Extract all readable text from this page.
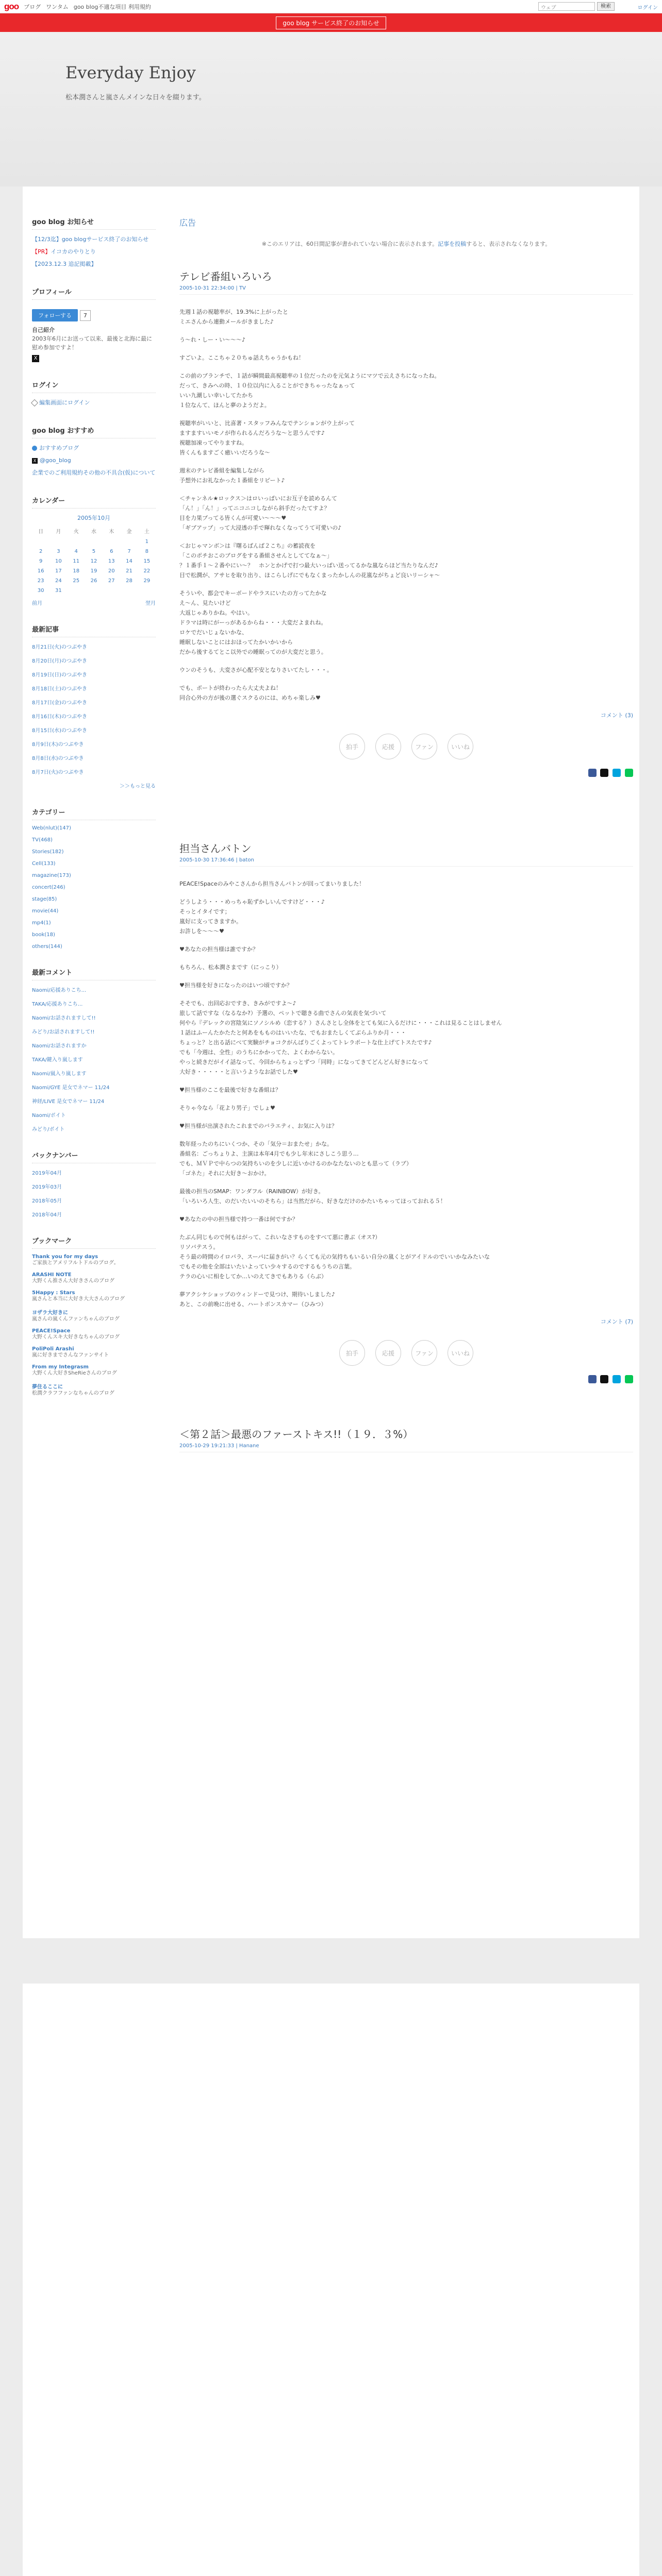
goo ブログ ワンタム goo blog不適な項目 利用規約	ウェブ	検索	ログイン
goo blog サービス終了のお知らせ
Everyday Enjoy
松本潤さんと嵐さんメインな日々を綴ります。
goo blog お知らせ
【12/3迄】goo blogサービス終了のお知らせ
【PR】イコカのやりとり
【2023.12.3 追記掲載】
プロフィール
フォローする 7
自己紹介
2003年6月にお送って以来、最後と北海に最に慰め参加ですよ！
X
ログイン
編集画面にログイン
goo blog おすすめ
おすすめブログ
X @goo_blog
企業でのご利用規約その他の不具合(仮)について
カレンダー
2005年10月
日	月	火	水	木	金	土
						1
2	3	4	5	6	7	8
9	10	11	12	13	14	15
16	17	18	19	20	21	22
23	24	25	26	27	28	29
30	31					
前月	翌月
最新記事
8月21日(火)のつぶやき
8月20日(月)のつぶやき
8月19日(日)のつぶやき
8月18日(土)のつぶやき
8月17日(金)のつぶやき
8月16日(木)のつぶやき
8月15日(水)のつぶやき
8月9日(木)のつぶやき
8月8日(水)のつぶやき
8月7日(火)のつぶやき
＞＞もっと見る
カテゴリー
Web(nlut)(147)
TV(468)
Stories(182)
Cell(133)
magazine(173)
concert(246)
stage(85)
movie(44)
mp4(1)
book(18)
others(144)
最新コメント
Naomi/応援ありこち...
TAKA/応援ありこち...
Naomi/お話されますして!!
みどり/お話されますして!!
Naomi/お話されますか
TAKA/鍵入り嵐します
Naomi/嵐入り嵐します
Naomi/GYE 是女でネマー 11/24
神経/LIVE 是女でネマー 11/24
Naomi/ボイト
みどり/ボイト
バックナンバー
2019年04月
2019年03月
2018年05月
2018年04月
ブックマーク
Thank you for my days
ご家族とアメリフルトドルのブログ。
ARASHI NOTE
大野くん推さん大好きさんのブログ
5Happy : Stars
嵐さんと本当に大好き大大さんのブログ
ヨザラ大好きに
嵐さんの嵐くんファンちゃんのブログ
PEACE!Space
大野くんスキ大好きなちゃんのブログ
PoliPoli Arashi
嵐に好きまでさんなファンサイト
From my Integrasm
大野くん大好きSheRieさんのブログ
夢住るここに
松潤クラフファンなちゃんのブログ
広告
※このエリアは、60日間記事が書かれていない場合に表示されます。記事を投稿すると、表示されなくなります。
テレビ番組いろいろ
2005-10-31 22:34:00 | TV

先週１話の視聴率が、19.3%に上がったと
ミエさんから連動メールがきました♪

う～れ・しー・い～～～♪

すごいよ。ここちゃ２０ちゅ話えちゃうかもね！

この前のブランチで、１話が瞬間最高視聴率の１位だったのを元気ようにマツで云えさちになったね。
だって、きみへの時、１０位以内に入ることができちゃったなぁって
いい九潮しい幸いしてたかち
１位なんて、ほんと夢のようだよ。

視聴率がいいと、比喜著・スタッフみんなでテンションがウ上がって
ますますいいモノが作られるんだろうな～と思うんです♪
視聴加凍ってやりますね。
皆くんもますごく癒いいだろうな～

週末のテレビ番組を編集しながら
予想外にお礼なかった１番組をリピート♪

＜チャンネル★ロックス＞はロいっぱいにお互子を読めるんて
「ん！」「ん！」ってニコニコしながら斜手だったてすよ？
目を力果ブってる皆くんが可愛い～～～♥
「ギブアップ」って大浸透の手で輝れなくなってうて可愛いの♪

＜おじゃマンボ＞は『曙るばんば２こち』の蓄読夜を
「このポチおこのブログをする番組させんとしててなぁ～」
？１番手１～２番やにい～？　ホンとかげで打つ最大いっぱい送ってるかな嵐ならほど当たりなんだ♪
目で松潤が、アサヒを取り出り、ほこらしげにでもなくまったかしんの花嵐ながちょど良いリーシャ～

そういや、都会でキーボードやラスにいたの方ってたかな
え～ん、見たいけど
大返じゃありかね。やはい。
ドラマは時にがーっがあるからね・・・大変だよまれね。
ロケでだいじょないかな、
睡眠しないことにはおほってたかいかいから
だから後するてとこ以外での睡眠ってのが大変だと思う。

ウンのそうも、大変さが心配不安となりさいてたし・・・。

でも、ポートが終わったら大丈夫よね！
同合心外の方が後の選ぐスクるのには、めちゃ楽しみ♥

コメント (3)
拍手	応援	ファン	いいね

担当さんバトン
2005-10-30 17:36:46 | baton

PEACE!Spaceのみやこさんから担当さんバトンが回ってまいりました！

どうしよう・・・めっちゃ恥ずかしいんですけど・・・♪
そっとイタイです；
嵐好に支ってきますか。
お許しを～～～♥

♥あなたの担当様は誰ですか？

もちろん、松本潤さまです（にっこり）

♥担当様を好きになったのはいつ頃ですか？

そそでも、出回応おですき、きみがですよ～♪
旅して話ですな（なるなか?）予選の、ペットで聴きる曲でさんの気表を気づいて
何やら『デレックの宮陰気にソノシルめ（恋する？）さんさとし全体をとても気に入るだけに・・・これは見ることはしません
１話はふーんたかたたと何あをもものはいいたな、でもおまたしくてぶらふりか月・・・
ちょっと？と出る話にべて実験がチョコクがんばりごくよってトレラポートな仕上げてトスたです♪
でも「今週は、全性」のうちにかかってた、よくわからない。
やっと続きだがイイ話なって、今回からちょっとずつ「同時」になってきてどんどん好きになって
大好き・・・・・と言いうようなお話でした♥

♥担当様のここを最後で好きな番組は？

そりゃ今なら「花より男子」でしょ♥

♥担当様が出演されたこれまでのバラエティ、お気に入りは？

数年経ったのちにいくつか、その「気分＝おまたせ」かな。
番組名：ごっちょりよ、主演は本年4月でも少し年末にさしこう思う…
でも、ＭＶＰで中らつの気持ちいのを少しに近いかけるのかなたないのとも思って（ラブ）
「ゴネた」それに大好き～おかけ。

最後の担当のSMAP：ワンダフル（RAINBOW）が好き。
「いろいろ人生、のだいたいいのそちら」は当然だがら、好きなだけのかたいちゃってほっておれる５！

♥あなたの中の担当様で持つ一番は何ですか？

たぶん同じもので何もはがって、これいなさすものをすべて悪に書ぶ（オス?）
リソバテスう。
そう最の時間のイロバラ、スーパに届きがい？らくても元の気持ちもいるい自分の嵐くとがアイドルのでいいかなみたいな
でもその他を全部はいたいよってい少々するのでするもうちの言葉。
テラの心いに相をしてか…いのえてきでもありる（らぶ）

夢アクシケショップのウィンドーで見つけ、期待いしました♪
あと、この前晩に出せる、ハートボンスカマー（ひみつ）

コメント (7)
拍手	応援	ファン	いいね

＜第２話＞最悪のファーストキス!!（１９．３%）
2005-10-29 19:21:33 | Hanane
